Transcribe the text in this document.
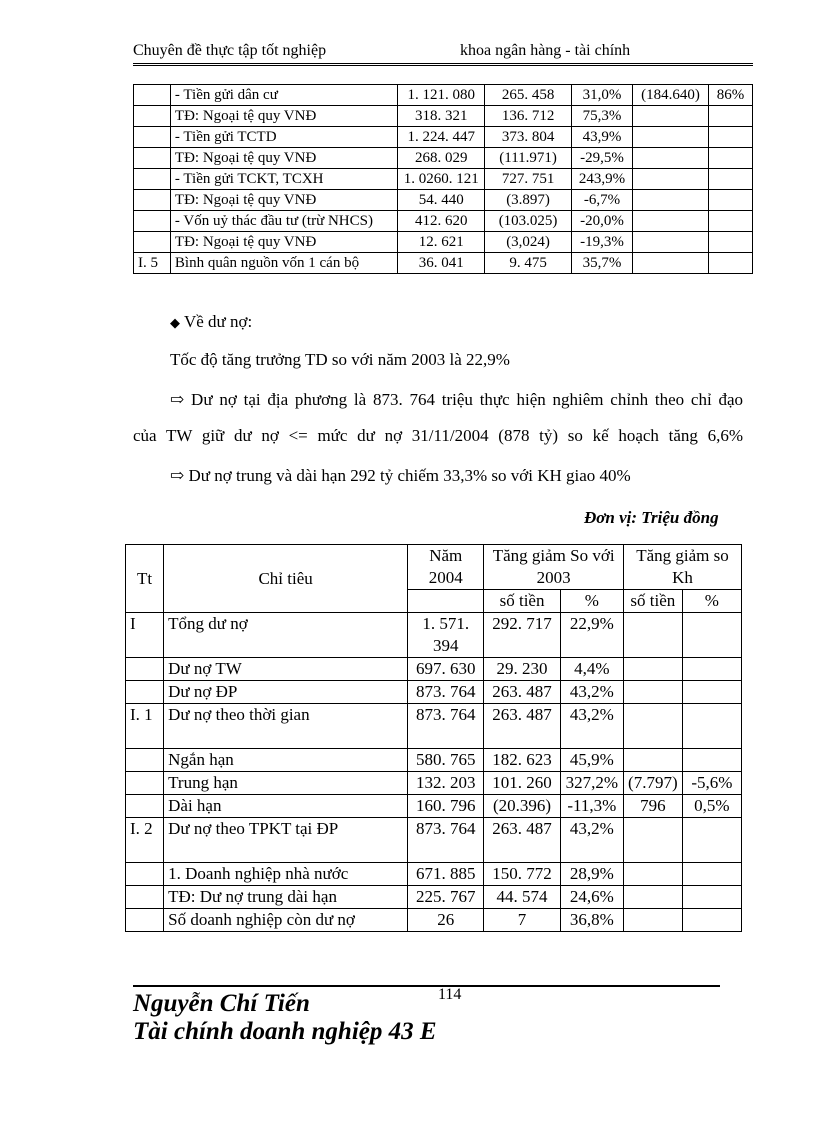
Chuyên đề thực tập tốt nghiệp	khoa ngân hàng - tài chính
	- Tiền gửi dân cư	1. 121. 080	265. 458	31,0%	(184.640)	86%
	TĐ: Ngoại tệ quy VNĐ	318. 321	136. 712	75,3%		
	- Tiền gửi TCTD	1. 224. 447	373. 804	43,9%		
	TĐ: Ngoại tệ quy VNĐ	268. 029	(111.971)	-29,5%		
	- Tiền gửi TCKT, TCXH	1. 0260. 121	727. 751	243,9%		
	TĐ: Ngoại tệ quy VNĐ	54. 440	(3.897)	-6,7%		
	- Vốn uỷ thác đầu tư (trừ NHCS)	412. 620	(103.025)	-20,0%		
	TĐ: Ngoại tệ quy VNĐ	12. 621	(3,024)	-19,3%		
I. 5	Bình quân nguồn vốn 1 cán bộ	36. 041	9. 475	35,7%		
◆ Về dư nợ:
Tốc độ tăng trưởng TD so với năm 2003 là 22,9%
⇨ Dư nợ tại địa phương là 873. 764 triệu thực hiện nghiêm chỉnh theo chỉ đạo
của TW giữ dư nợ <= mức dư nợ 31/11/2004 (878 tỷ) so kế hoạch tăng 6,6%
⇨ Dư nợ trung và dài hạn 292 tỷ chiếm 33,3% so với KH giao 40%
Đơn vị: Triệu đồng
Tt	Chỉ tiêu	Năm 2004	Tăng giảm So với 2003		Tăng giảm so Kh	
			số tiền	%	số tiền	%
I	Tổng dư nợ	1. 571. 394	292. 717	22,9%		
	Dư nợ TW	697. 630	29. 230	4,4%		
	Dư nợ ĐP	873. 764	263. 487	43,2%		
I. 1	Dư nợ theo thời gian	873. 764	263. 487	43,2%		
	Ngắn hạn	580. 765	182. 623	45,9%		
	Trung hạn	132. 203	101. 260	327,2%	(7.797)	-5,6%
	Dài hạn	160. 796	(20.396)	-11,3%	796	0,5%
I. 2	Dư nợ theo TPKT tại ĐP	873. 764	263. 487	43,2%		
	1. Doanh nghiệp nhà nước	671. 885	150. 772	28,9%		
	TĐ: Dư nợ trung dài hạn	225. 767	44. 574	24,6%		
	Số doanh nghiệp còn dư nợ	26	7	36,8%		
114
Nguyễn Chí Tiến
Tài chính doanh nghiệp 43 E
